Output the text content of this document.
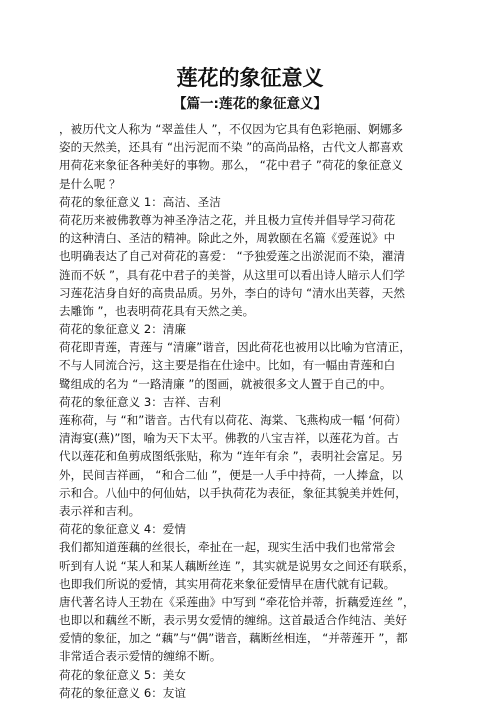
莲花的象征意义
【篇一:莲花的象征意义】
，被历代文人称为 “翠盖佳人 ”，不仅因为它具有色彩艳丽、婀娜多
姿的天然美，还具有 “出污泥而不染 ”的高尚品格，古代文人都喜欢
用荷花来象征各种美好的事物。那么， “花中君子 ”荷花的象征意义
是什么呢 ？
荷花的象征意义 1：高洁、圣洁
荷花历来被佛教尊为神圣净洁之花，并且极力宣传并倡导学习荷花
的这种清白、圣洁的精神。除此之外，周敦颐在名篇《爱莲说》中
也明确表达了自己对荷花的喜爱： “予独爱莲之出淤泥而不染，濯清
涟而不妖 ”，具有花中君子的美誉，从这里可以看出诗人暗示人们学
习莲花洁身自好的高贵品质。另外，李白的诗句 “清水出芙蓉，天然
去雕饰 ”，也表明荷花具有天然之美。
荷花的象征意义 2：清廉
荷花即青莲，青莲与 “清廉”谐音，因此荷花也被用以比喻为官清正，
不与人同流合污，这主要是指在仕途中。比如，有一幅由青莲和白
鹭组成的名为 “一路清廉 ”的图画，就被很多文人置于自己的中。
荷花的象征意义 3：吉祥、吉利
莲称荷，与 “和”谐音。古代有以荷花、海棠、飞燕构成一幅 ‘何荷）
清海宴(燕)”图，喻为天下太平。佛教的八宝吉祥，以莲花为首。古
代以莲花和鱼剪成图纸张贴，称为 “连年有余 ”，表明社会富足。另
外，民间吉祥画， “和合二仙 ”，便是一人手中持荷，一人捧盒，以
示和合。八仙中的何仙姑，以手执荷花为表征，象征其貌美并姓何，
表示祥和吉利。
荷花的象征意义 4：爱情
我们都知道莲藕的丝很长，牵扯在一起，现实生活中我们也常常会
听到有人说 “某人和某人藕断丝连 ”，其实就是说男女之间还有联系，
也即我们所说的爱情，其实用荷花来象征爱情早在唐代就有记载。
唐代著名诗人王勃在《采莲曲》中写到 “牵花恰并蒂，折藕爱连丝 ”，
也即以和藕丝不断，表示男女爱情的缠绵。这首最适合作纯洁、美好
爱情的象征，加之 “藕”与“偶”谐音，藕断丝相连， “并蒂莲开 ”，都
非常适合表示爱情的缠绵不断。
荷花的象征意义 5：美女
荷花的象征意义 6：友谊
